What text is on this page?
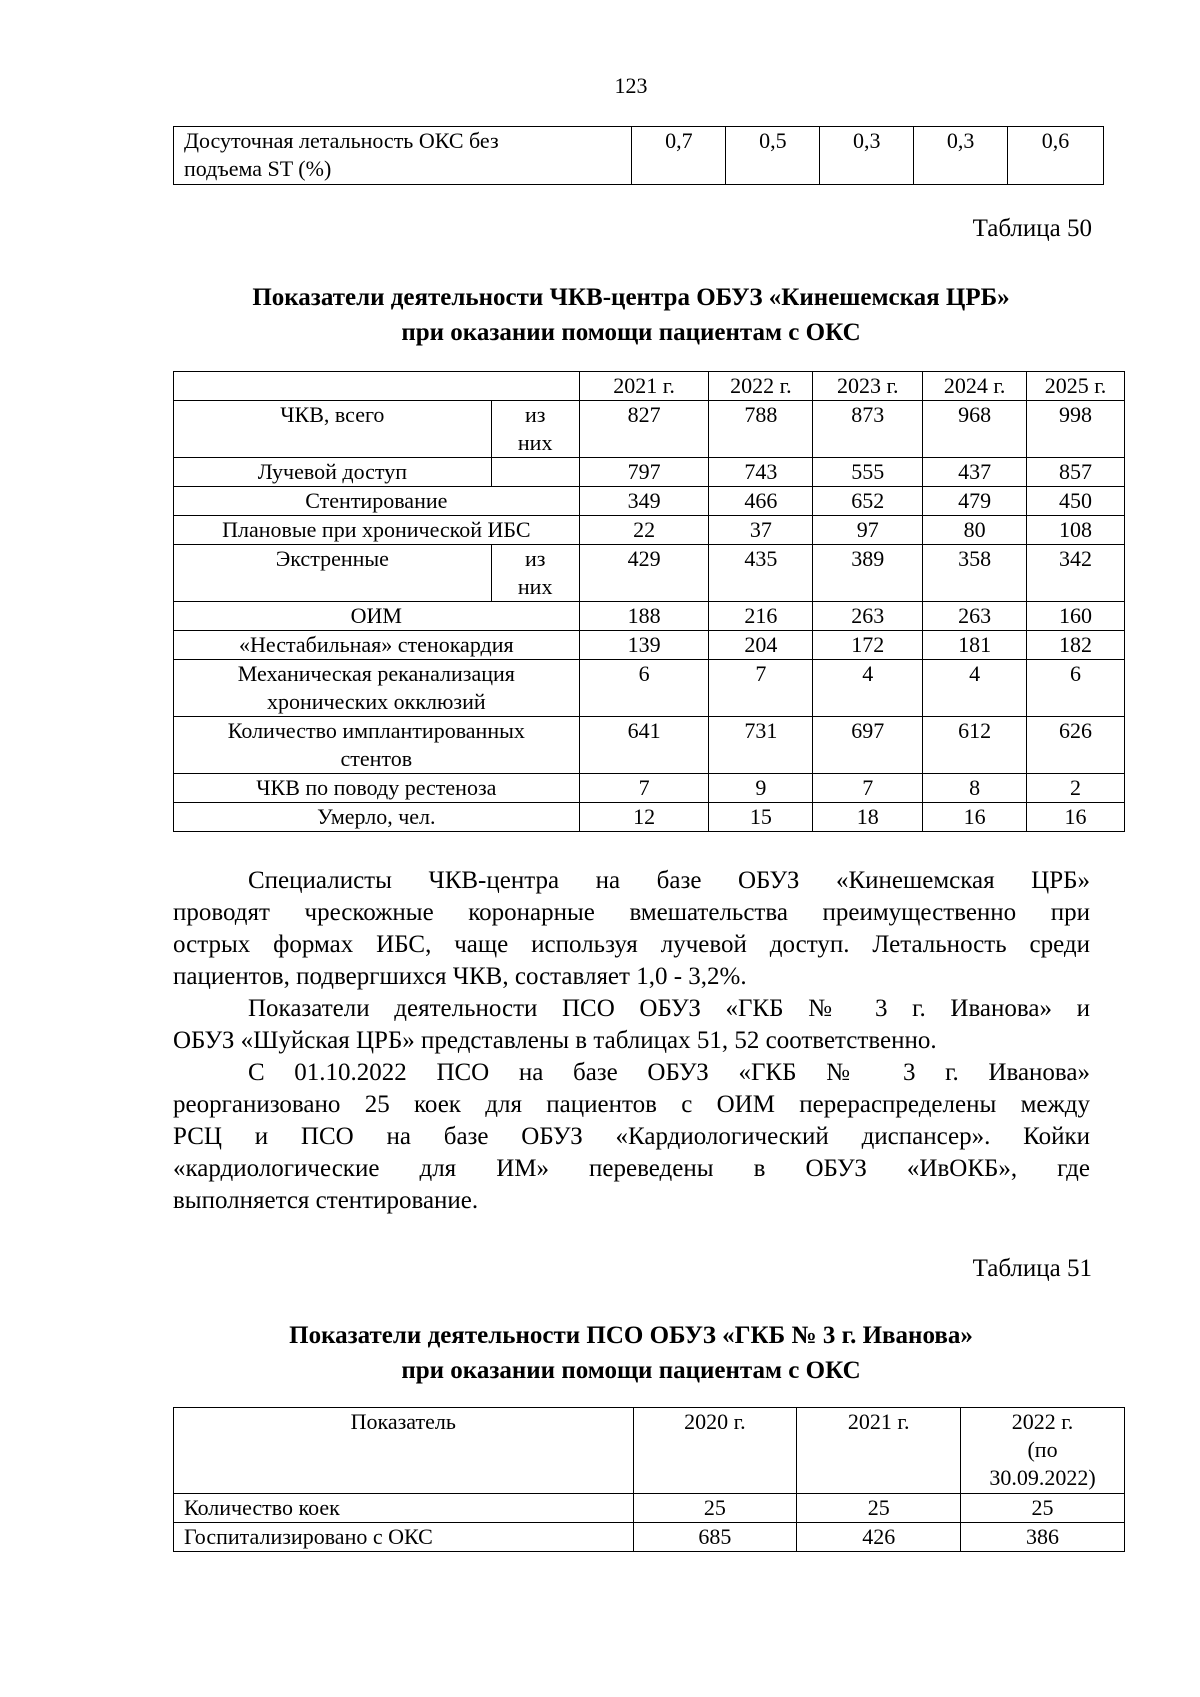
123
Досуточная летальность ОКС без
подъема ST (%)	0,7	0,5	0,3	0,3	0,6
Таблица 50
Показатели деятельности ЧКВ-центра ОБУЗ «Кинешемская ЦРБ»
при оказании помощи пациентам с ОКС
		2021 г.	2022 г.	2023 г.	2024 г.	2025 г.
ЧКВ, всего	из них	827	788	873	968	998
Лучевой доступ		797	743	555	437	857
Стентирование		349	466	652	479	450
Плановые при хронической ИБС		22	37	97	80	108
Экстренные	из них	429	435	389	358	342
ОИМ		188	216	263	263	160
«Нестабильная» стенокардия		139	204	172	181	182
Механическая реканализация хронических окклюзий		6	7	4	4	6
Количество имплантированных стентов		641	731	697	612	626
ЧКВ по поводу рестеноза		7	9	7	8	2
Умерло, чел.		12	15	18	16	16
Специалисты ЧКВ-центра на базе ОБУЗ «Кинешемская ЦРБ»
проводят чрескожные коронарные вмешательства преимущественно при
острых формах ИБС, чаще используя лучевой доступ. Летальность среди
пациентов, подвергшихся ЧКВ, составляет 1,0 - 3,2%.
Показатели деятельности ПСО ОБУЗ «ГКБ № 3 г. Иванова» и
ОБУЗ «Шуйская ЦРБ» представлены в таблицах 51, 52 соответственно.
С 01.10.2022 ПСО на базе ОБУЗ «ГКБ № 3 г. Иванова»
реорганизовано 25 коек для пациентов с ОИМ перераспределены между
РСЦ и ПСО на базе ОБУЗ «Кардиологический диспансер». Койки
«кардиологические для ИМ» переведены в ОБУЗ «ИвОКБ», где
выполняется стентирование.
Таблица 51
Показатели деятельности ПСО ОБУЗ «ГКБ № 3 г. Иванова»
при оказании помощи пациентам с ОКС
Показатель	2020 г.	2021 г.	2022 г.
(по
30.09.2022)
Количество коек	25	25	25
Госпитализировано с ОКС	685	426	386
